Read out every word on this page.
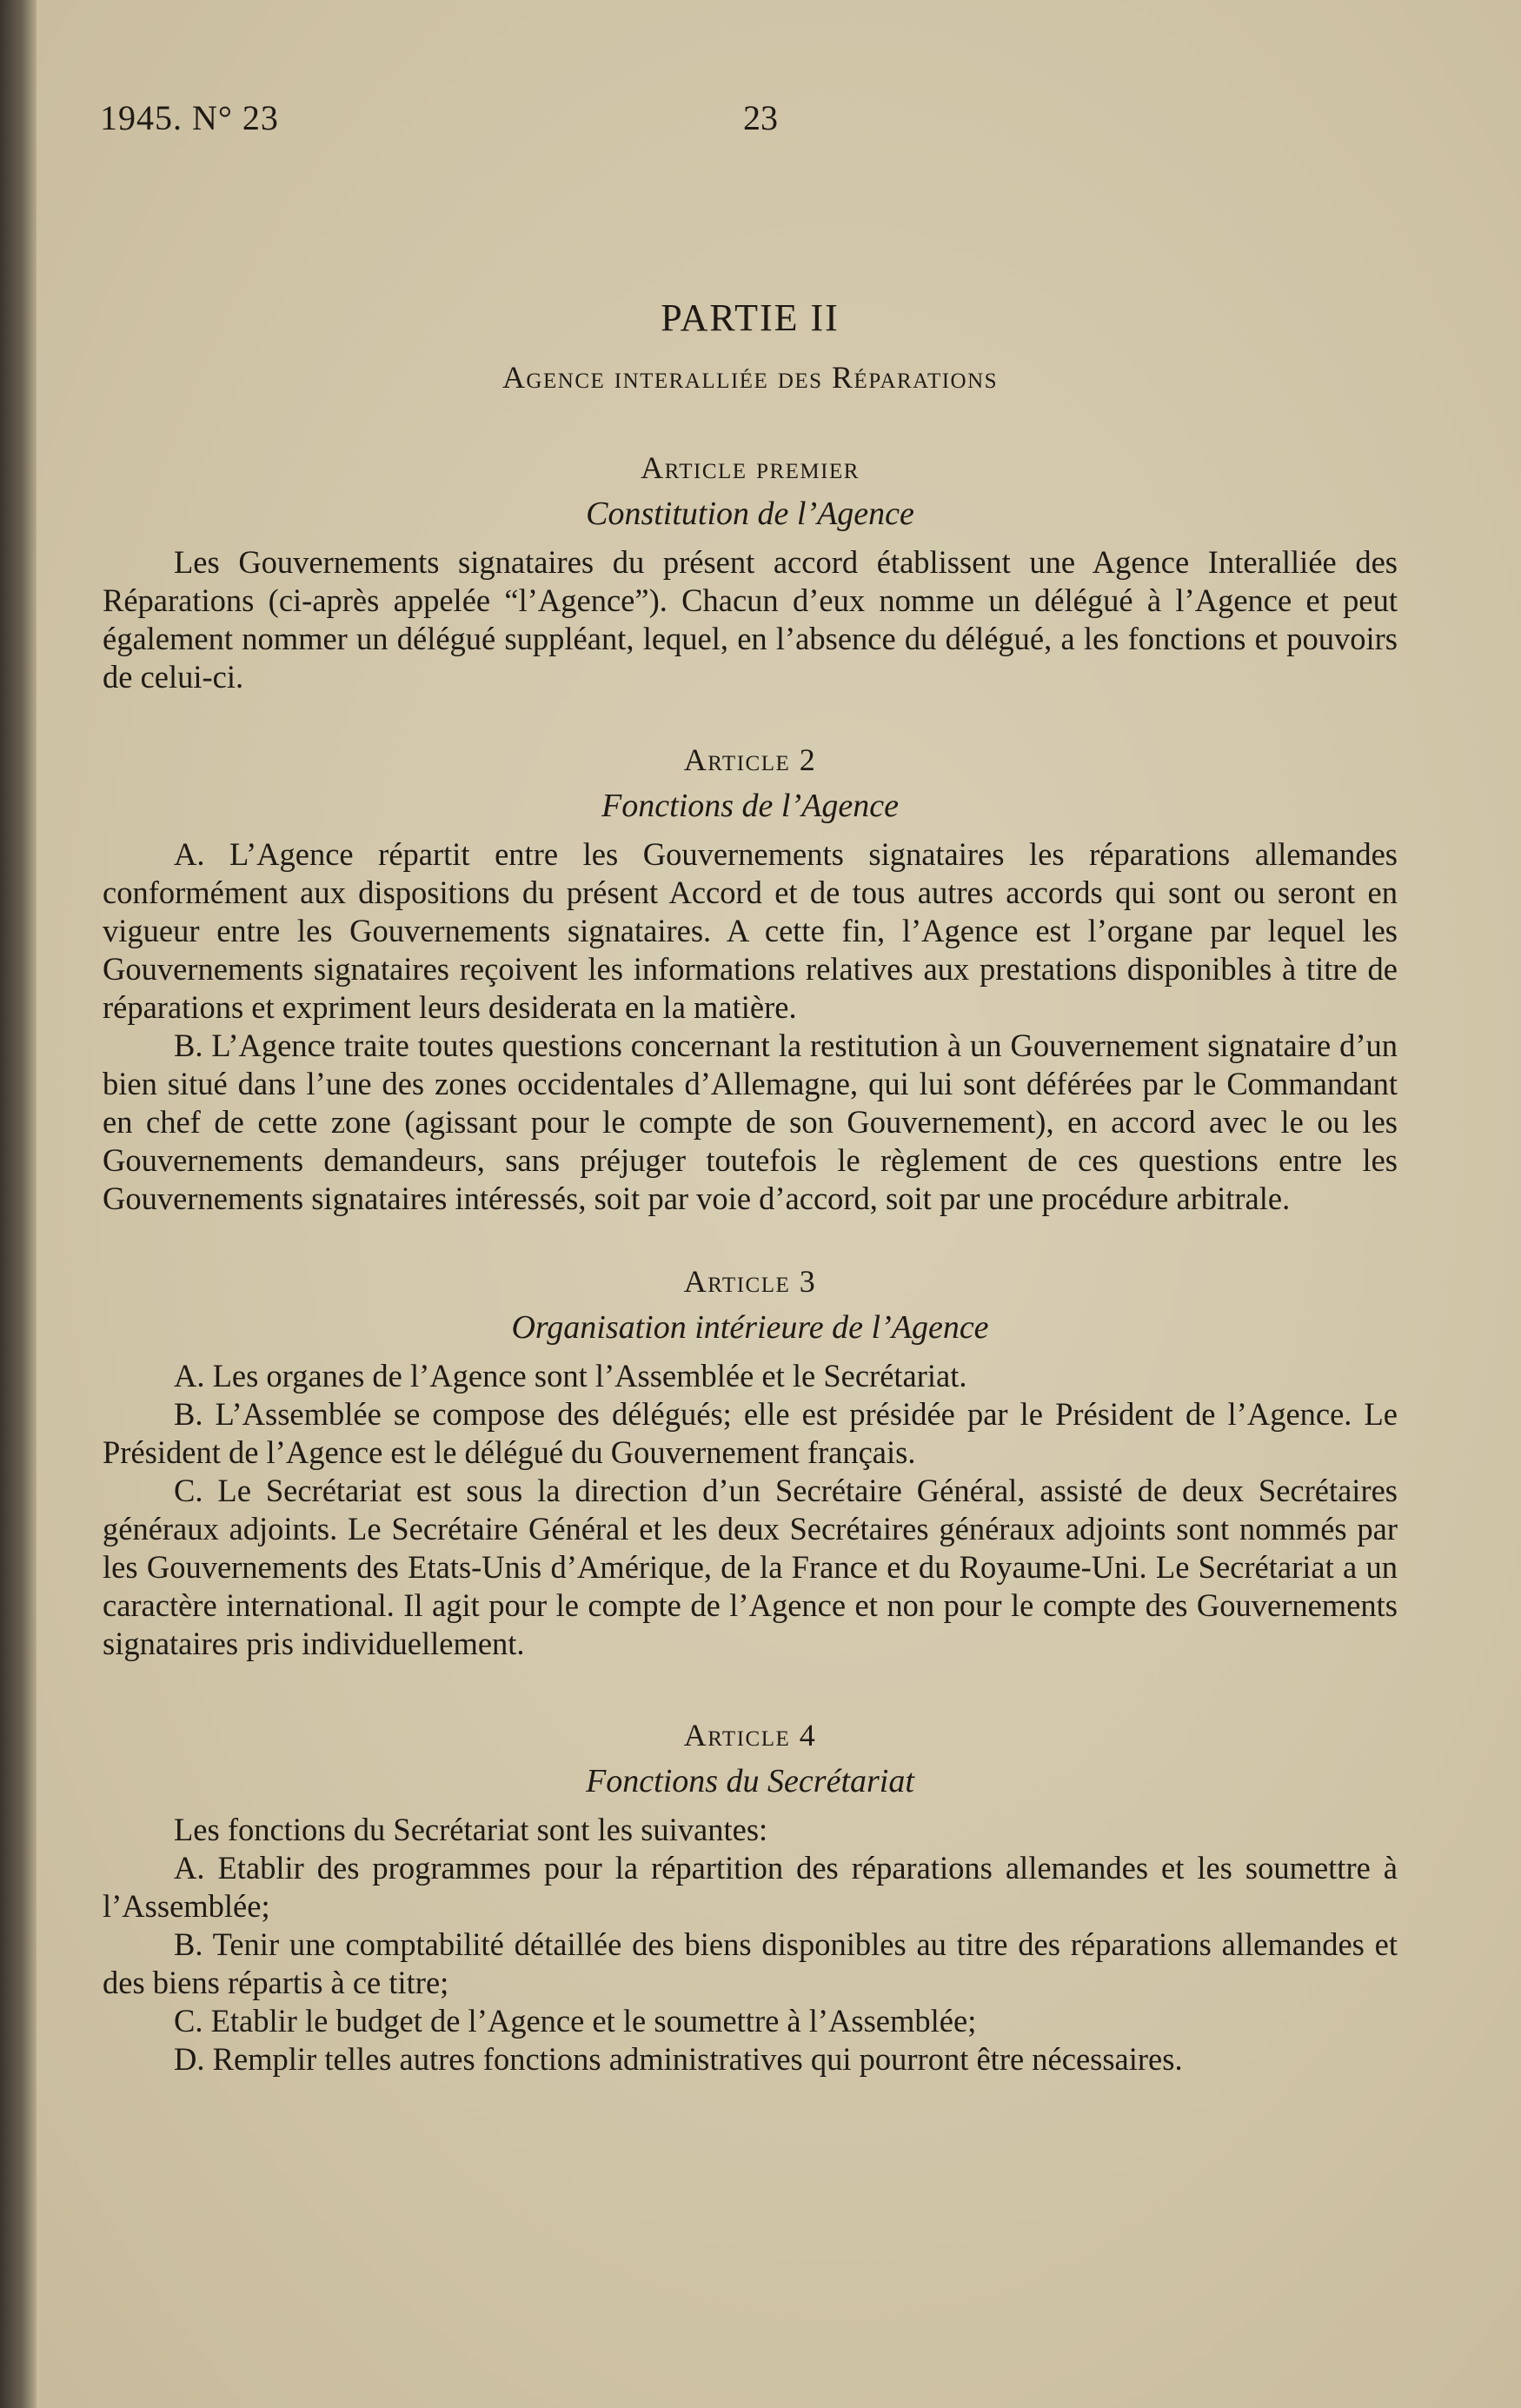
1945. N° 23	23
PARTIE II
Agence interalliée des Réparations
Article premier
Constitution de l’Agence

Les Gouvernements signataires du présent accord établissent une Agence Interalliée des Réparations (ci-après appelée “l’Agence”). Chacun d’eux nomme un délégué à l’Agence et peut également nommer un délégué suppléant, lequel, en l’absence du délégué, a les fonctions et pouvoirs de celui-ci.

Article 2
Fonctions de l’Agence

A. L’Agence répartit entre les Gouvernements signataires les réparations allemandes conformément aux dispositions du présent Accord et de tous autres accords qui sont ou seront en vigueur entre les Gouvernements signataires. A cette fin, l’Agence est l’organe par lequel les Gouvernements signataires reçoivent les informations relatives aux prestations disponibles à titre de réparations et expriment leurs desiderata en la matière.

B. L’Agence traite toutes questions concernant la restitution à un Gouvernement signataire d’un bien situé dans l’une des zones occidentales d’Allemagne, qui lui sont déférées par le Commandant en chef de cette zone (agissant pour le compte de son Gouvernement), en accord avec le ou les Gouvernements demandeurs, sans préjuger toutefois le règlement de ces questions entre les Gouvernements signataires intéressés, soit par voie d’accord, soit par une procédure arbitrale.

Article 3
Organisation intérieure de l’Agence

A. Les organes de l’Agence sont l’Assemblée et le Secrétariat.

B. L’Assemblée se compose des délégués; elle est présidée par le Président de l’Agence. Le Président de l’Agence est le délégué du Gouvernement français.

C. Le Secrétariat est sous la direction d’un Secrétaire Général, assisté de deux Secrétaires généraux adjoints. Le Secrétaire Général et les deux Secrétaires généraux adjoints sont nommés par les Gouvernements des Etats-Unis d’Amérique, de la France et du Royaume-Uni. Le Secrétariat a un caractère international. Il agit pour le compte de l’Agence et non pour le compte des Gouvernements signataires pris individuellement.

Article 4
Fonctions du Secrétariat

Les fonctions du Secrétariat sont les suivantes:

A. Etablir des programmes pour la répartition des réparations allemandes et les soumettre à l’Assemblée;

B. Tenir une comptabilité détaillée des biens disponibles au titre des réparations allemandes et des biens répartis à ce titre;

C. Etablir le budget de l’Agence et le soumettre à l’Assemblée;

D. Remplir telles autres fonctions administratives qui pourront être nécessaires.
